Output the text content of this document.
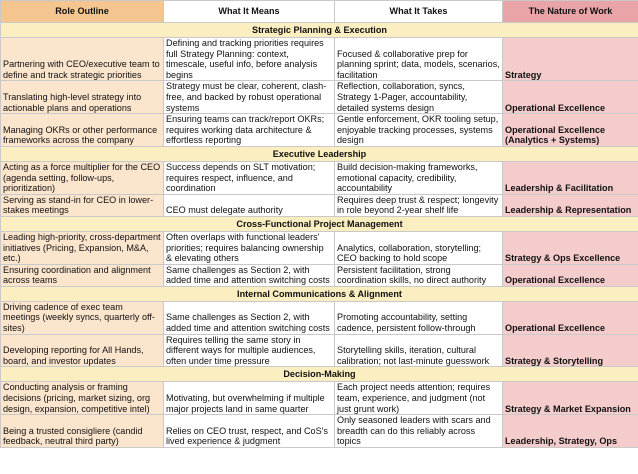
Role Outline	What It Means	What It Takes	The Nature of Work
Strategic Planning & Execution			
Partnering with CEO/executive team to define and track strategic priorities	Defining and tracking priorities requires full Strategy Planning: context, timescale, useful info, before analysis begins	Focused & collaborative prep for planning sprint; data, models, scenarios, facilitation	Strategy
Translating high-level strategy into actionable plans and operations	Strategy must be clear, coherent, clash-free, and backed by robust operational systems	Reflection, collaboration, syncs, Strategy 1-Pager, accountability, detailed systems design	Operational Excellence
Managing OKRs or other performance frameworks across the company	Ensuring teams can track/report OKRs; requires working data architecture & effortless reporting	Gentle enforcement, OKR tooling setup, enjoyable tracking processes, systems design	Operational Excellence (Analytics + Systems)
Executive Leadership			
Acting as a force multiplier for the CEO (agenda setting, follow-ups, prioritization)	Success depends on SLT motivation; requires respect, influence, and coordination	Build decision-making frameworks, emotional capacity, credibility, accountability	Leadership & Facilitation
Serving as stand-in for CEO in lower-stakes meetings	CEO must delegate authority	Requires deep trust & respect; longevity in role beyond 2-year shelf life	Leadership & Representation
Cross-Functional Project Management			
Leading high-priority, cross-department initiatives (Pricing, Expansion, M&A, etc.)	Often overlaps with functional leaders' priorities; requires balancing ownership & elevating others	Analytics, collaboration, storytelling; CEO backing to hold scope	Strategy & Ops Excellence
Ensuring coordination and alignment across teams	Same challenges as Section 2, with added time and attention switching costs	Persistent facilitation, strong coordination skills, no direct authority	Operational Excellence
Internal Communications & Alignment			
Driving cadence of exec team meetings (weekly syncs, quarterly off-sites)	Same challenges as Section 2, with added time and attention switching costs	Promoting accountability, setting cadence, persistent follow-through	Operational Excellence
Developing reporting for All Hands, board, and investor updates	Requires telling the same story in different ways for multiple audiences, often under time pressure	Storytelling skills, iteration, cultural calibration; not last-minute guesswork	Strategy & Storytelling
Decision-Making			
Conducting analysis or framing decisions (pricing, market sizing, org design, expansion, competitive intel)	Motivating, but overwhelming if multiple major projects land in same quarter	Each project needs attention; requires team, experience, and judgment (not just grunt work)	Strategy & Market Expansion
Being a trusted consigliere (candid feedback, neutral third party)	Relies on CEO trust, respect, and CoS's lived experience & judgment	Only seasoned leaders with scars and breadth can do this reliably across topics	Leadership, Strategy, Ops
